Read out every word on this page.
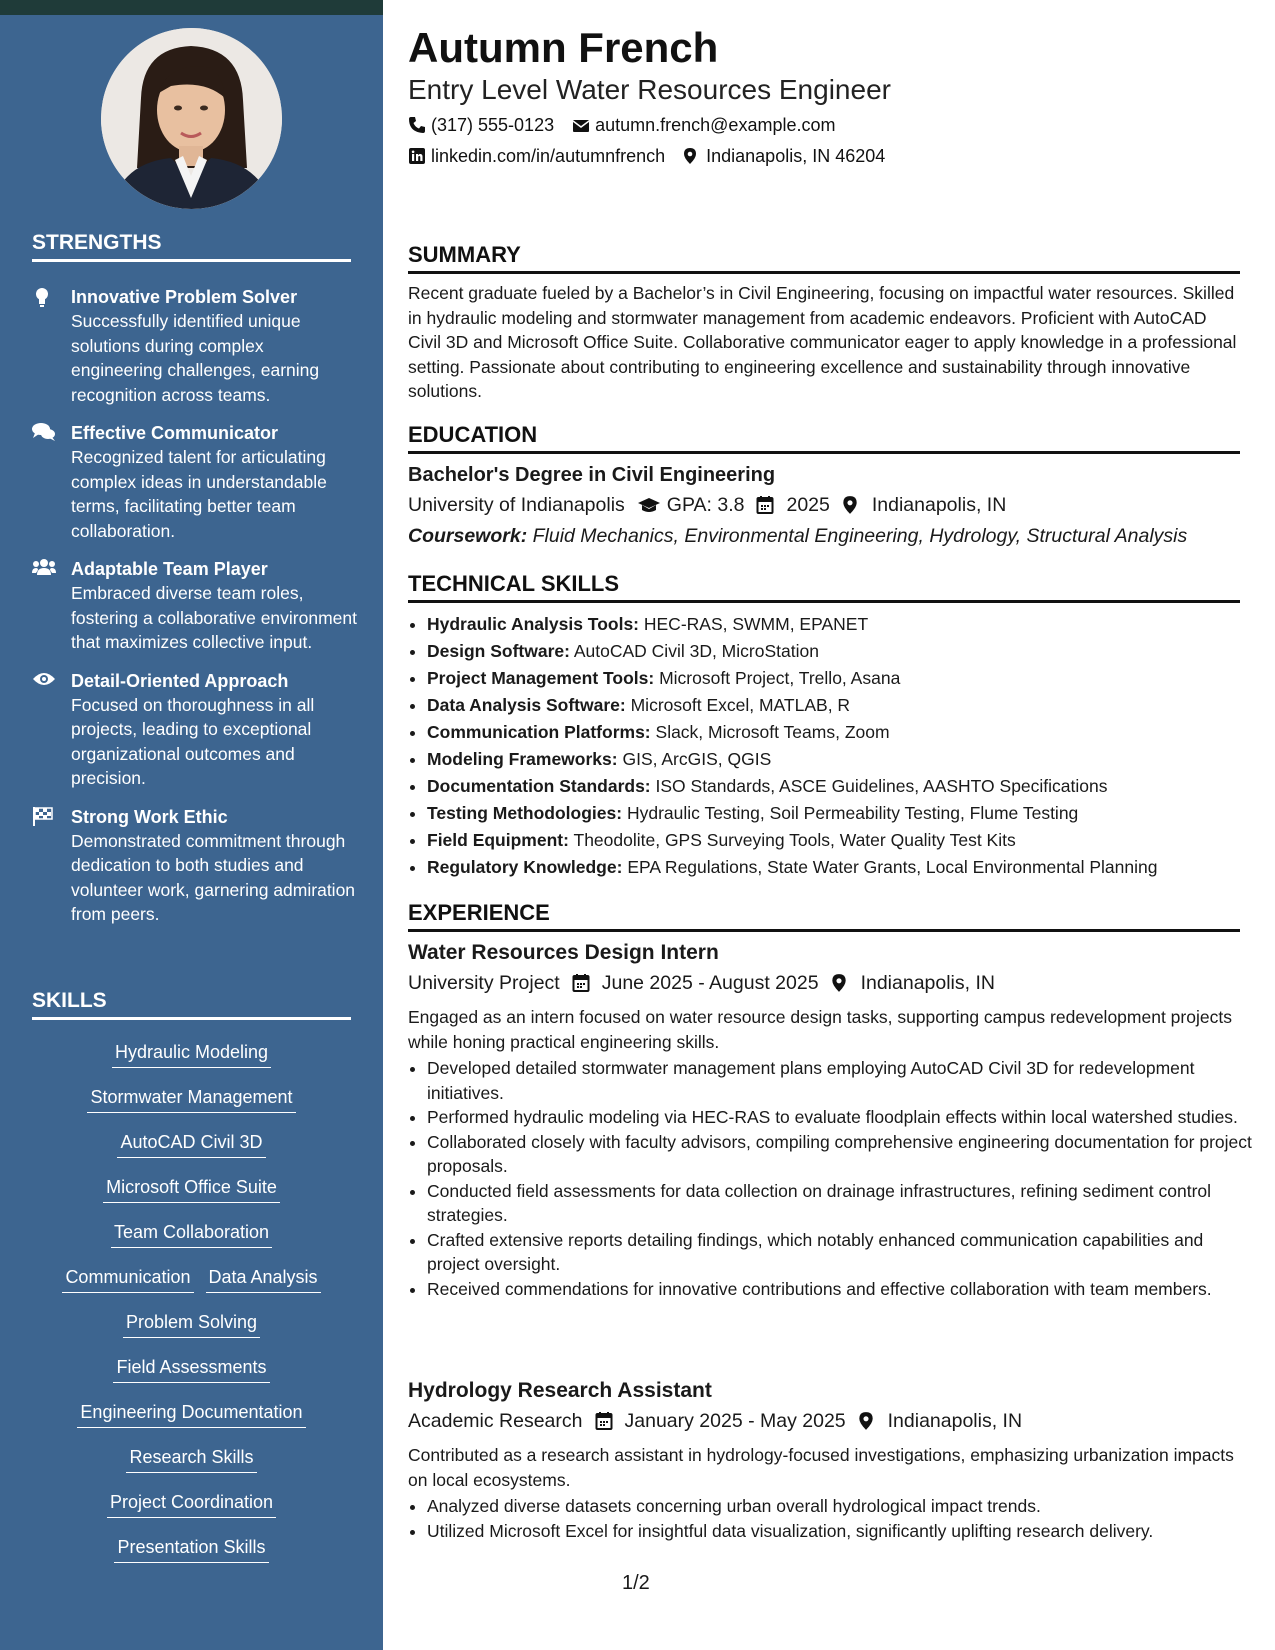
STRENGTHS
Innovative Problem Solver
Successfully identified unique solutions during complex engineering challenges, earning recognition across teams.
Effective Communicator
Recognized talent for articulating complex ideas in understandable terms, facilitating better team collaboration.
Adaptable Team Player
Embraced diverse team roles, fostering a collaborative environment that maximizes collective input.
Detail-Oriented Approach
Focused on thoroughness in all projects, leading to exceptional organizational outcomes and precision.
Strong Work Ethic
Demonstrated commitment through dedication to both studies and volunteer work, garnering admiration from peers.
SKILLS
Hydraulic Modeling
Stormwater Management
AutoCAD Civil 3D
Microsoft Office Suite
Team Collaboration
Communication Data Analysis
Problem Solving
Field Assessments
Engineering Documentation
Research Skills
Project Coordination
Presentation Skills
Autumn French
Entry Level Water Resources Engineer
(317) 555-0123 autumn.french@example.com
linkedin.com/in/autumnfrench Indianapolis, IN 46204
SUMMARY
Recent graduate fueled by a Bachelor’s in Civil Engineering, focusing on impactful water resources. Skilled in hydraulic modeling and stormwater management from academic endeavors. Proficient with AutoCAD Civil 3D and Microsoft Office Suite. Collaborative communicator eager to apply knowledge in a professional setting. Passionate about contributing to engineering excellence and sustainability through innovative solutions.
EDUCATION
Bachelor's Degree in Civil Engineering
University of Indianapolis GPA: 3.8 2025 Indianapolis, IN
Coursework: Fluid Mechanics, Environmental Engineering, Hydrology, Structural Analysis
TECHNICAL SKILLS
• Hydraulic Analysis Tools: HEC-RAS, SWMM, EPANET
• Design Software: AutoCAD Civil 3D, MicroStation
• Project Management Tools: Microsoft Project, Trello, Asana
• Data Analysis Software: Microsoft Excel, MATLAB, R
• Communication Platforms: Slack, Microsoft Teams, Zoom
• Modeling Frameworks: GIS, ArcGIS, QGIS
• Documentation Standards: ISO Standards, ASCE Guidelines, AASHTO Specifications
• Testing Methodologies: Hydraulic Testing, Soil Permeability Testing, Flume Testing
• Field Equipment: Theodolite, GPS Surveying Tools, Water Quality Test Kits
• Regulatory Knowledge: EPA Regulations, State Water Grants, Local Environmental Planning
EXPERIENCE
Water Resources Design Intern
University Project June 2025 - August 2025 Indianapolis, IN
Engaged as an intern focused on water resource design tasks, supporting campus redevelopment projects while honing practical engineering skills.
• Developed detailed stormwater management plans employing AutoCAD Civil 3D for redevelopment initiatives.
• Performed hydraulic modeling via HEC-RAS to evaluate floodplain effects within local watershed studies.
• Collaborated closely with faculty advisors, compiling comprehensive engineering documentation for project proposals.
• Conducted field assessments for data collection on drainage infrastructures, refining sediment control strategies.
• Crafted extensive reports detailing findings, which notably enhanced communication capabilities and project oversight.
• Received commendations for innovative contributions and effective collaboration with team members.
Hydrology Research Assistant
Academic Research January 2025 - May 2025 Indianapolis, IN
Contributed as a research assistant in hydrology-focused investigations, emphasizing urbanization impacts on local ecosystems.
• Analyzed diverse datasets concerning urban overall hydrological impact trends.
• Utilized Microsoft Excel for insightful data visualization, significantly uplifting research delivery.
1/2
